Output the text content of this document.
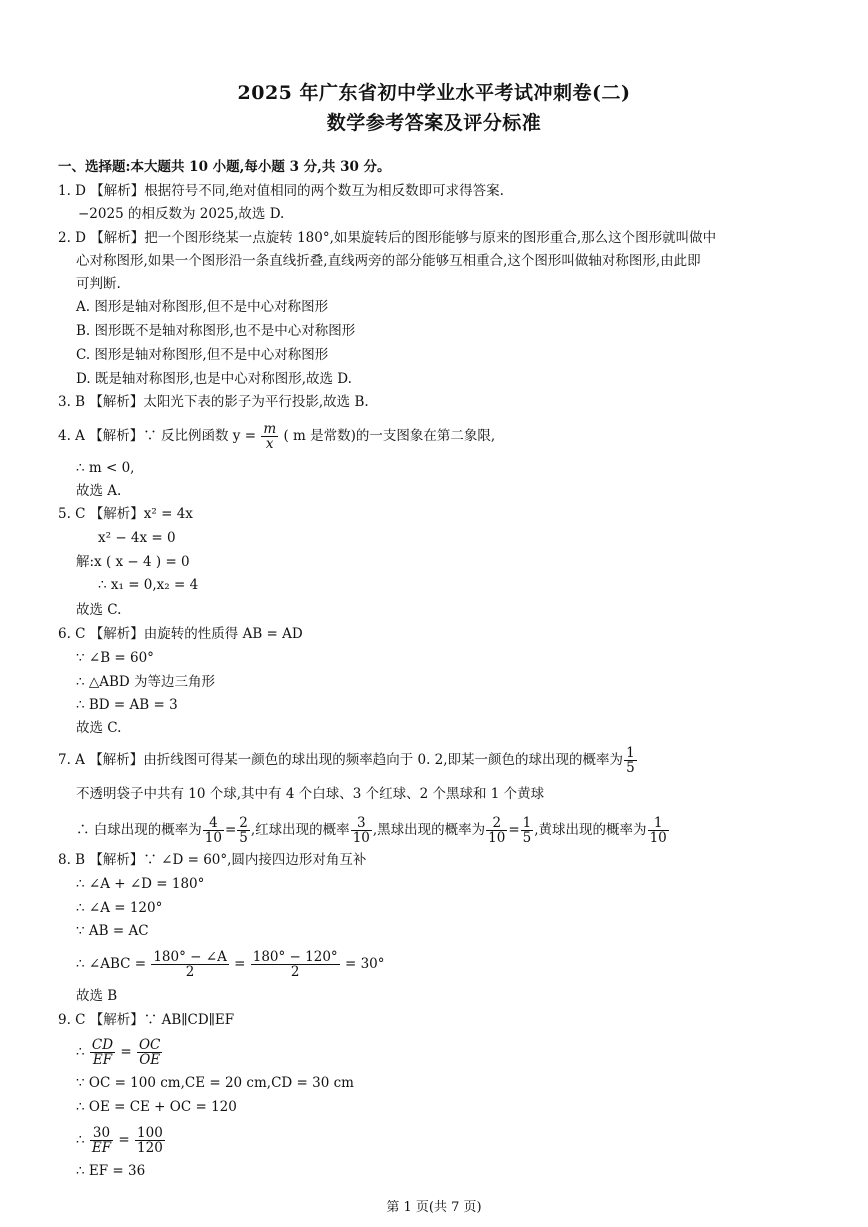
2025 年广东省初中学业水平考试冲刺卷(二)
数学参考答案及评分标准
一、选择题:本大题共 10 小题,每小题 3 分,共 30 分。
1. D 【解析】根据符号不同,绝对值相同的两个数互为相反数即可求得答案.
−2025 的相反数为 2025,故选 D.
2. D 【解析】把一个图形绕某一点旋转 180°,如果旋转后的图形能够与原来的图形重合,那么这个图形就叫做中
心对称图形,如果一个图形沿一条直线折叠,直线两旁的部分能够互相重合,这个图形叫做轴对称图形,由此即
可判断.
A. 图形是轴对称图形,但不是中心对称图形
B. 图形既不是轴对称图形,也不是中心对称图形
C. 图形是轴对称图形,但不是中心对称图形
D. 既是轴对称图形,也是中心对称图形,故选 D.
3. B 【解析】太阳光下表的影子为平行投影,故选 B.
4. A 【解析】∵ 反比例函数 $y = \frac{m}{x}$ ( m 是常数)的一支图象在第二象限,
∴ m < 0,
故选 A.
5. C 【解析】x² = 4x
x² − 4x = 0
解:x ( x − 4 ) = 0
∴ x₁ = 0,x₂ = 4
故选 C.
6. C 【解析】由旋转的性质得 AB = AD
∵ ∠B = 60°
∴ △ABD 为等边三角形
∴ BD = AB = 3
故选 C.
7. A 【解析】由折线图可得某一颜色的球出现的频率趋向于 0. 2,即某一颜色的球出现的概率为 $\frac{1}{5}$
不透明袋子中共有 10 个球,其中有 4 个白球、3 个红球、2 个黑球和 1 个黄球
∴ 白球出现的概率为 $\frac{4}{10} = \frac{2}{5}$ ,红球出现的概率 $\frac{3}{10}$ ,黑球出现的概率为 $\frac{2}{10} = \frac{1}{5}$ ,黄球出现的概率为 $\frac{1}{10}$
8. B 【解析】∵ ∠D = 60°,圆内接四边形对角互补
∴ ∠A + ∠D = 180°
∴ ∠A = 120°
∵ AB = AC
∴ ∠ABC = $\frac{180^\circ - \angle A}{2} = \frac{180^\circ - 120^\circ}{2} = 30^\circ$
故选 B
9. C 【解析】∵ AB∥CD∥EF
∴ $\frac{CD}{EF} = \frac{OC}{OE}$
∵ OC = 100 cm,CE = 20 cm,CD = 30 cm
∴ OE = CE + OC = 120
∴ $\frac{30}{EF} = \frac{100}{120}$
∴ EF = 36
第 1 页(共 7 页)
